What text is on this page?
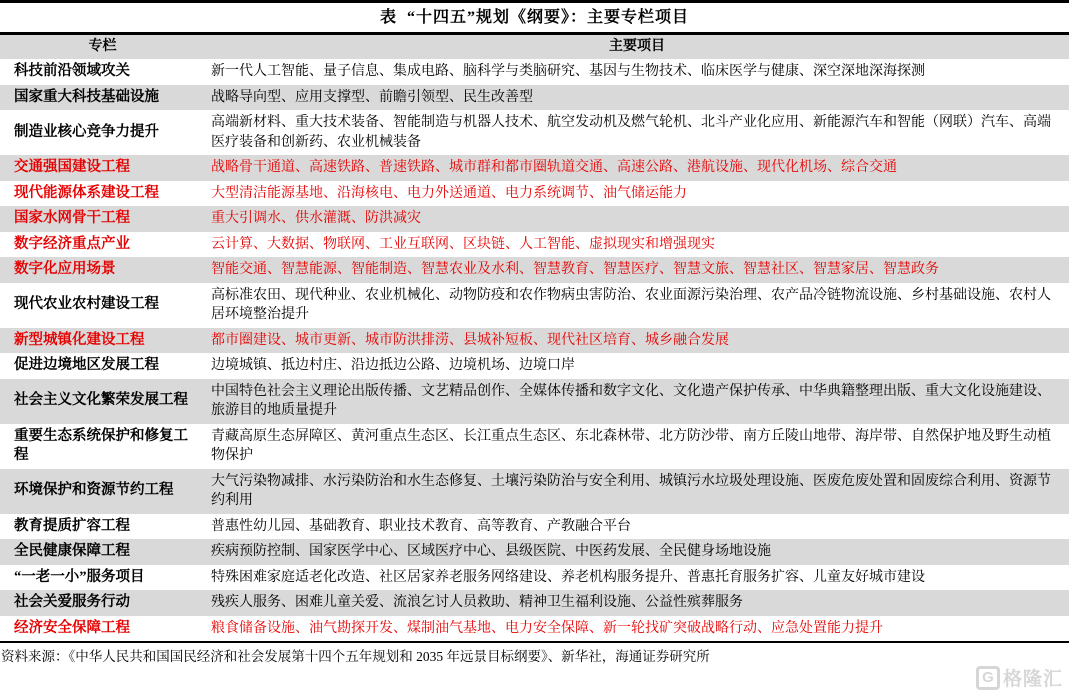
表  “十四五”规划《纲要》：主要专栏项目
专栏	主要项目
科技前沿领域攻关	新一代人工智能、量子信息、集成电路、脑科学与类脑研究、基因与生物技术、临床医学与健康、深空深地深海探测
国家重大科技基础设施	战略导向型、应用支撑型、前瞻引领型、民生改善型
制造业核心竞争力提升	高端新材料、重大技术装备、智能制造与机器人技术、航空发动机及燃气轮机、北斗产业化应用、新能源汽车和智能（网联）汽车、高端医疗装备和创新药、农业机械装备
交通强国建设工程	战略骨干通道、高速铁路、普速铁路、城市群和都市圈轨道交通、高速公路、港航设施、现代化机场、综合交通
现代能源体系建设工程	大型清洁能源基地、沿海核电、电力外送通道、电力系统调节、油气储运能力
国家水网骨干工程	重大引调水、供水灌溉、防洪减灾
数字经济重点产业	云计算、大数据、物联网、工业互联网、区块链、人工智能、虚拟现实和增强现实
数字化应用场景	智能交通、智慧能源、智能制造、智慧农业及水利、智慧教育、智慧医疗、智慧文旅、智慧社区、智慧家居、智慧政务
现代农业农村建设工程	高标准农田、现代种业、农业机械化、动物防疫和农作物病虫害防治、农业面源污染治理、农产品冷链物流设施、乡村基础设施、农村人居环境整治提升
新型城镇化建设工程	都市圈建设、城市更新、城市防洪排涝、县城补短板、现代社区培育、城乡融合发展
促进边境地区发展工程	边境城镇、抵边村庄、沿边抵边公路、边境机场、边境口岸
社会主义文化繁荣发展工程	中国特色社会主义理论出版传播、文艺精品创作、全媒体传播和数字文化、文化遗产保护传承、中华典籍整理出版、重大文化设施建设、旅游目的地质量提升
重要生态系统保护和修复工程	青藏高原生态屏障区、黄河重点生态区、长江重点生态区、东北森林带、北方防沙带、南方丘陵山地带、海岸带、自然保护地及野生动植物保护
环境保护和资源节约工程	大气污染物减排、水污染防治和水生态修复、土壤污染防治与安全利用、城镇污水垃圾处理设施、医废危废处置和固废综合利用、资源节约利用
教育提质扩容工程	普惠性幼儿园、基础教育、职业技术教育、高等教育、产教融合平台
全民健康保障工程	疾病预防控制、国家医学中心、区域医疗中心、县级医院、中医药发展、全民健身场地设施
“一老一小”服务项目	特殊困难家庭适老化改造、社区居家养老服务网络建设、养老机构服务提升、普惠托育服务扩容、儿童友好城市建设
社会关爱服务行动	残疾人服务、困难儿童关爱、流浪乞讨人员救助、精神卫生福利设施、公益性殡葬服务
经济安全保障工程	粮食储备设施、油气勘探开发、煤制油气基地、电力安全保障、新一轮找矿突破战略行动、应急处置能力提升
资料来源：《中华人民共和国国民经济和社会发展第十四个五年规划和 2035 年远景目标纲要》、新华社，海通证券研究所
G 格隆汇
